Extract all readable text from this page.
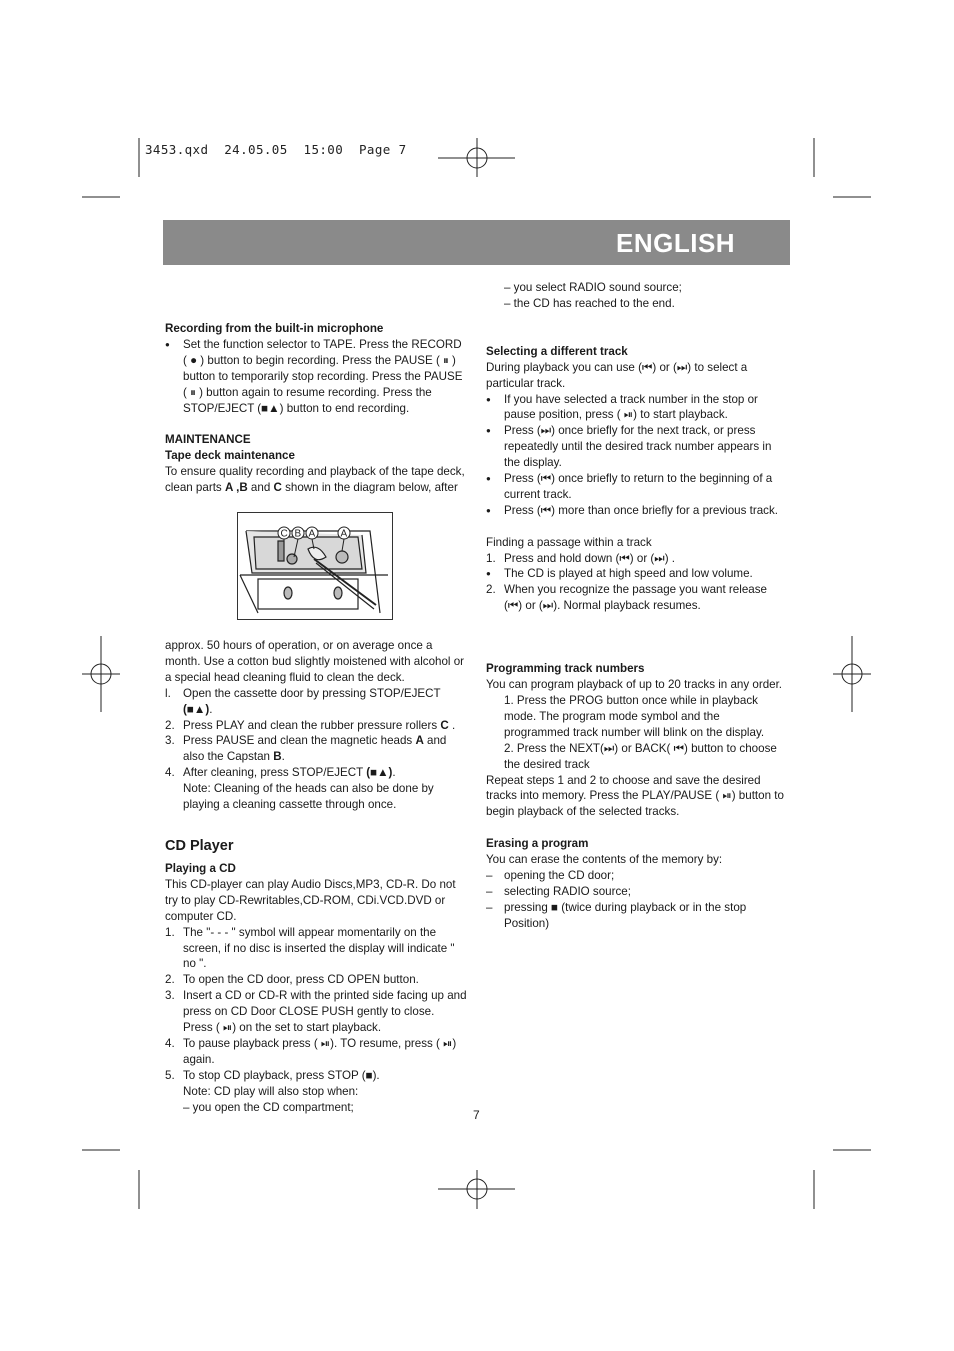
3453.qxd  24.05.05  15:00  Page 7
ENGLISH

Recording from the built-in microphone

●	Set the function selector to TAPE. Press the RECORD ( ● ) button to begin recording. Press the PAUSE ( ⏸ ) button to temporarily stop recording. Press the PAUSE ( ⏸ ) button again to resume recording. Press the STOP/EJECT (■▲) button to end recording.

MAINTENANCE

Tape deck maintenance

To ensure quality recording and playback of the tape deck, clean parts A ,B and C shown in the diagram below, after

C B A	A

approx. 50 hours of operation, or on average once a month. Use a cotton bud slightly moistened with alcohol or a special head cleaning fluid to clean the deck.

l.	Open the cassette door by pressing STOP/EJECT (■▲).
2. Press PLAY and clean the rubber pressure rollers C .
3. Press PAUSE and clean the magnetic heads A and also the Capstan B.
4. After cleaning, press STOP/EJECT (■▲).

Note: Cleaning of the heads can also be done by playing a cleaning cassette through once.

CD Player

Playing a CD

This CD-player can play Audio Discs,MP3, CD-R. Do not try to play CD-Rewritables,CD-ROM, CDi.VCD.DVD or computer CD.

1. The "- - - " symbol will appear momentarily on the screen, if no disc is inserted the display will indicate " no ".
2. To open the CD door, press CD OPEN button.
3. Insert a CD or CD-R with the printed side facing up and press on CD Door CLOSE PUSH gently to close. Press ( ⏯) on the set to start playback.
4. To pause playback press ( ⏯). TO resume, press ( ⏯) again.
5. To stop CD playback, press STOP (■).

Note: CD play will also stop when:

– you open the CD compartment;

– you select RADIO sound source;

– the CD has reached to the end.

Selecting a different track

During playback you can use (⏮) or (⏭) to select a particular track.

●	If you have selected a track number in the stop or pause position, press ( ⏯) to start playback.
●	Press (⏭) once briefly for the next track, or press repeatedly until the desired track number appears in the display.
●	Press (⏮) once briefly to return to the beginning of a current track.
●	Press (⏮) more than once briefly for a previous track.

Finding a passage within a track

1. Press and hold down (⏮) or (⏭) .
●	The CD is played at high speed and low volume.
2. When you recognize the passage you want release (⏮) or (⏭). Normal playback resumes.

Programming track numbers

You can program playback of up to 20 tracks in any order.

1. Press the PROG button once while in playback mode. The program mode symbol and the programmed track number will blink on the display.

2. Press the NEXT(⏭) or BACK( ⏮) button to choose the desired track

Repeat steps 1 and 2 to choose and save the desired tracks into memory. Press the PLAY/PAUSE ( ⏯) button to begin playback of the selected tracks.

Erasing a program

You can erase the contents of the memory by:

– opening the CD door;
– selecting RADIO source;
– pressing ■ (twice during playback or in the stop Position)
7
